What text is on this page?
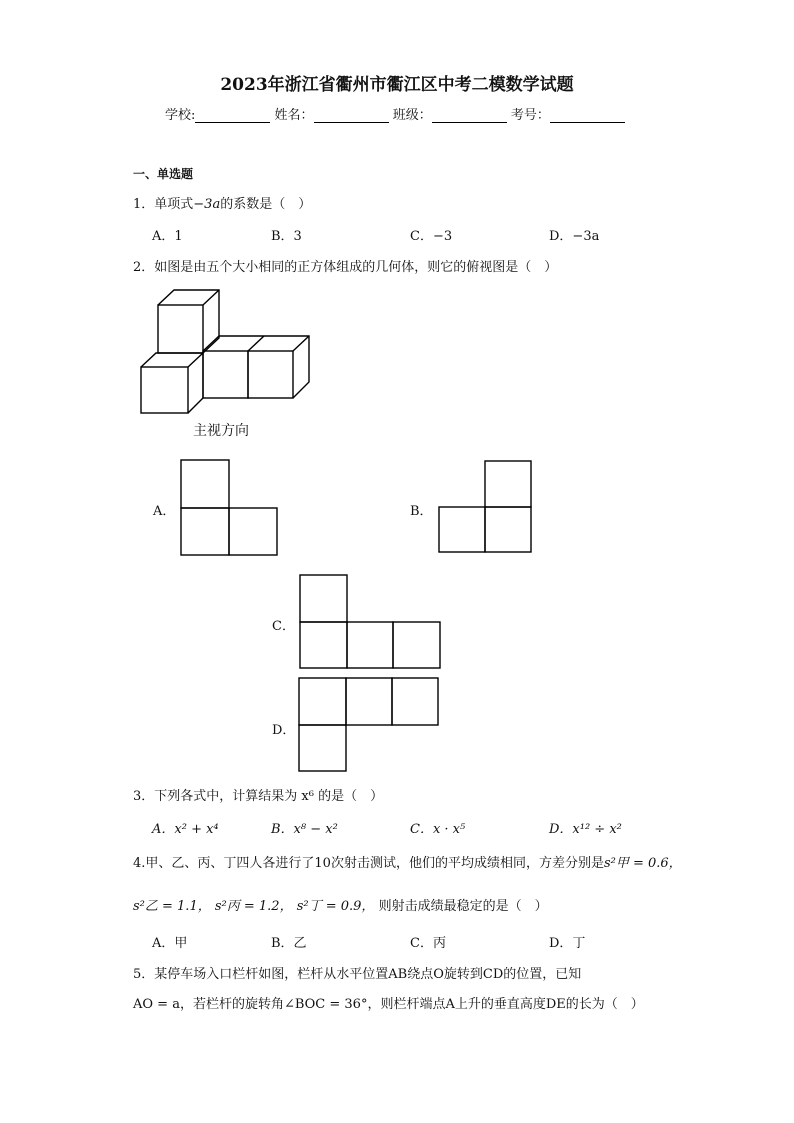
2023年浙江省衢州市衢江区中考二模数学试题
学校:	姓名：	班级：	考号：
一、单选题
1．单项式−3a的系数是（　）
A．1	B．3	C．−3	D．−3a
2．如图是由五个大小相同的正方体组成的几何体，则它的俯视图是（　）
主视方向
A．	B．
C．
D．
3．下列各式中，计算结果为 x⁶ 的是（　）
A．x² + x⁴	B．x⁸ − x²	C．x · x⁵	D．x¹² ÷ x²
4.甲、乙、丙、丁四人各进行了10次射击测试，他们的平均成绩相同，方差分别是s²甲 = 0.6，
s²乙 = 1.1， s²丙 = 1.2， s²丁 = 0.9， 则射击成绩最稳定的是（　）
A．甲	B．乙	C．丙	D．丁
5．某停车场入口栏杆如图，栏杆从水平位置AB绕点O旋转到CD的位置，已知
AO = a，若栏杆的旋转角∠BOC = 36°，则栏杆端点A上升的垂直高度DE的长为（　）
